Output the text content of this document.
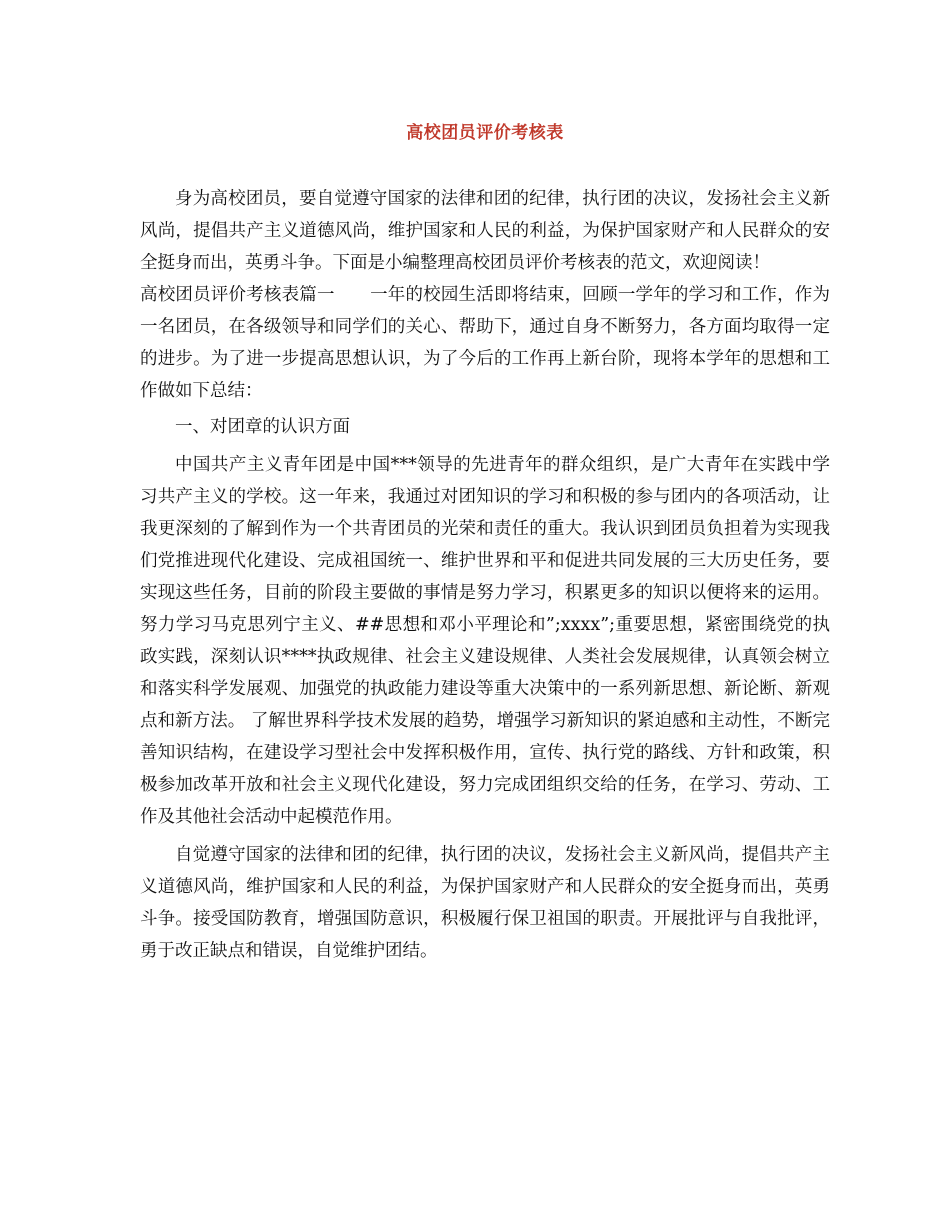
高校团员评价考核表

身为高校团员，要自觉遵守国家的法律和团的纪律，执行团的决议，发扬社会主义新风尚，提倡共产主义道德风尚，维护国家和人民的利益，为保护国家财产和人民群众的安全挺身而出，英勇斗争。下面是小编整理高校团员评价考核表的范文，欢迎阅读！

高校团员评价考核表篇一　　一年的校园生活即将结束，回顾一学年的学习和工作，作为一名团员，在各级领导和同学们的关心、帮助下，通过自身不断努力，各方面均取得一定的进步。为了进一步提高思想认识，为了今后的工作再上新台阶，现将本学年的思想和工作做如下总结：

一、对团章的认识方面

中国共产主义青年团是中国***领导的先进青年的群众组织，是广大青年在实践中学习共产主义的学校。这一年来，我通过对团知识的学习和积极的参与团内的各项活动，让我更深刻的了解到作为一个共青团员的光荣和责任的重大。我认识到团员负担着为实现我们党推进现代化建设、完成祖国统一、维护世界和平和促进共同发展的三大历史任务，要实现这些任务，目前的阶段主要做的事情是努力学习，积累更多的知识以便将来的运用。努力学习马克思列宁主义、##思想和邓小平理论和”;xxxx”;重要思想，紧密围绕党的执政实践，深刻认识****执政规律、社会主义建设规律、人类社会发展规律，认真领会树立和落实科学发展观、加强党的执政能力建设等重大决策中的一系列新思想、新论断、新观点和新方法。 了解世界科学技术发展的趋势，增强学习新知识的紧迫感和主动性，不断完善知识结构，在建设学习型社会中发挥积极作用，宣传、执行党的路线、方针和政策，积极参加改革开放和社会主义现代化建设，努力完成团组织交给的任务，在学习、劳动、工作及其他社会活动中起模范作用。

自觉遵守国家的法律和团的纪律，执行团的决议，发扬社会主义新风尚，提倡共产主义道德风尚，维护国家和人民的利益，为保护国家财产和人民群众的安全挺身而出，英勇斗争。接受国防教育，增强国防意识，积极履行保卫祖国的职责。开展批评与自我批评，勇于改正缺点和错误，自觉维护团结。
